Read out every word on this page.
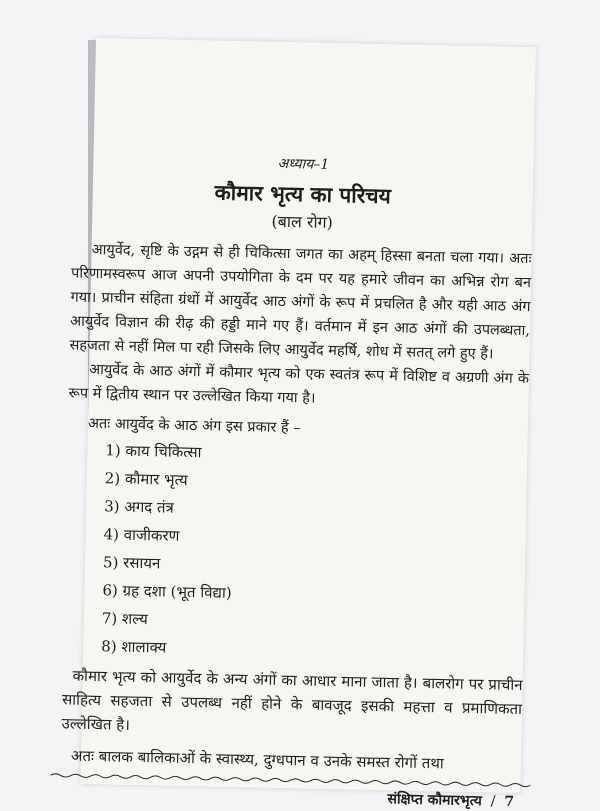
अध्याय–1

कौमार भृत्य का परिचय

(बाल रोग)

आयुर्वेद, सृष्टि के उद्गम से ही चिकित्सा जगत का अहम् हिस्सा बनता चला गया। अतः परिणामस्वरूप आज अपनी उपयोगिता के दम पर यह हमारे जीवन का अभिन्न रोग बन गया। प्राचीन संहिता ग्रंथों में आयुर्वेद आठ अंगों के रूप में प्रचलित है और यही आठ अंग आयुर्वेद विज्ञान की रीढ़ की हड्डी माने गए हैं। वर्तमान में इन आठ अंगों की उपलब्धता, सहजता से नहीं मिल पा रही जिसके लिए आयुर्वेद महर्षि, शोध में सतत् लगे हुए हैं।

आयुर्वेद के आठ अंगों में कौमार भृत्य को एक स्वतंत्र रूप में विशिष्ट व अग्रणी अंग के रूप में द्वितीय स्थान पर उल्लेखित किया गया है।

अतः आयुर्वेद के आठ अंग इस प्रकार हैं –

1) काय चिकित्सा
2) कौमार भृत्य
3) अगद तंत्र
4) वाजीकरण
5) रसायन
6) ग्रह दशा (भूत विद्या)
7) शल्य
8) शालाक्य

कौमार भृत्य को आयुर्वेद के अन्य अंगों का आधार माना जाता है। बालरोग पर प्राचीन साहित्य सहजता से उपलब्ध नहीं होने के बावजूद इसकी महत्ता व प्रमाणिकता उल्लेखित है।

अतः बालक बालिकाओं के स्वास्थ्य, दुग्धपान व उनके समस्त रोगों तथा

संक्षिप्त कौमारभृत्य / 7
